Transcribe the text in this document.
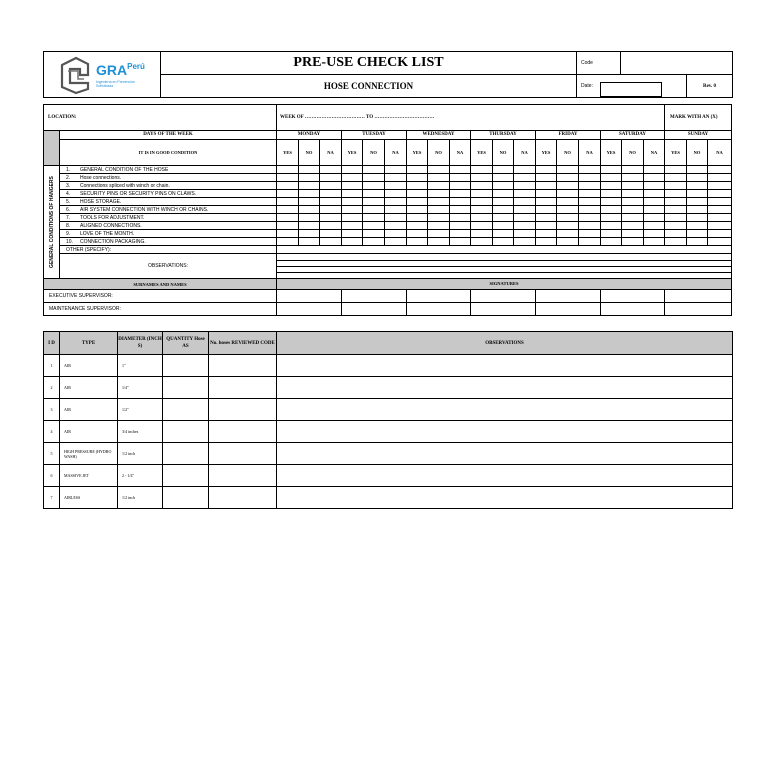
$GRA^{Perú}$
Ingeniería en Prevención Sofisticada	PRE-USE CHECK LIST	Code		
	HOSE CONNECTION	Date:		Rev. 0
LOCATION:		WEEK OF ……………………………… TO ………………………………																		MARK WITH AN (X)		
	DAYS OF THE WEEK	MONDAY			TUESDAY			WEDNESDAY			THURSDAY			FRIDAY			SATURDAY			SUNDAY		
	IT IS IN GOOD CONDITION	YES	NO	NA	YES	NO	NA	YES	NO	NA	YES	NO	NA	YES	NO	NA	YES	NO	NA	YES	NO	NA
GENERAL CONDITIONS OF HANGERS	1. GENERAL CONDITION OF THE HOSE																					
	2. Hose connections.																					
	3. Connections spliced with winch or chain.																					
	4. SECURITY PINS OR SECURITY PINS ON CLAWS.																					
	5. HOSE STORAGE.																					
	6. AIR SYSTEM CONNECTION WITH WINCH OR CHAINS.																					
	7. TOOLS FOR ADJUSTMENT.																					
	8. ALIGNED CONNECTIONS.																					
	9. LOVE OF THE MONTH.																					
	10. CONNECTION PACKAGING.																					
	OTHER (SPECIFY):																					
	OBSERVATIONS:																					

SURNAMES AND NAMES		SIGNATURES																				
EXECUTIVE SUPERVISOR:																						
MAINTENANCE SUPERVISOR:																						
I D	TYPE	DIAMETER (INCH S)	QUANTITY Hose AS	No. hoses REVIEWED CODE	OBSERVATIONS
1	AIR	1"			
2	AIR	1/4"			
3	AIR	1/2"			
4	AIR	3/4 inches			
5	HIGH PRESSURE (HYDRO WASH)	1/2 inch			
6	MASSIVE JET	2 - 1/4"			
7	AIRLESS	1/2 inch			
